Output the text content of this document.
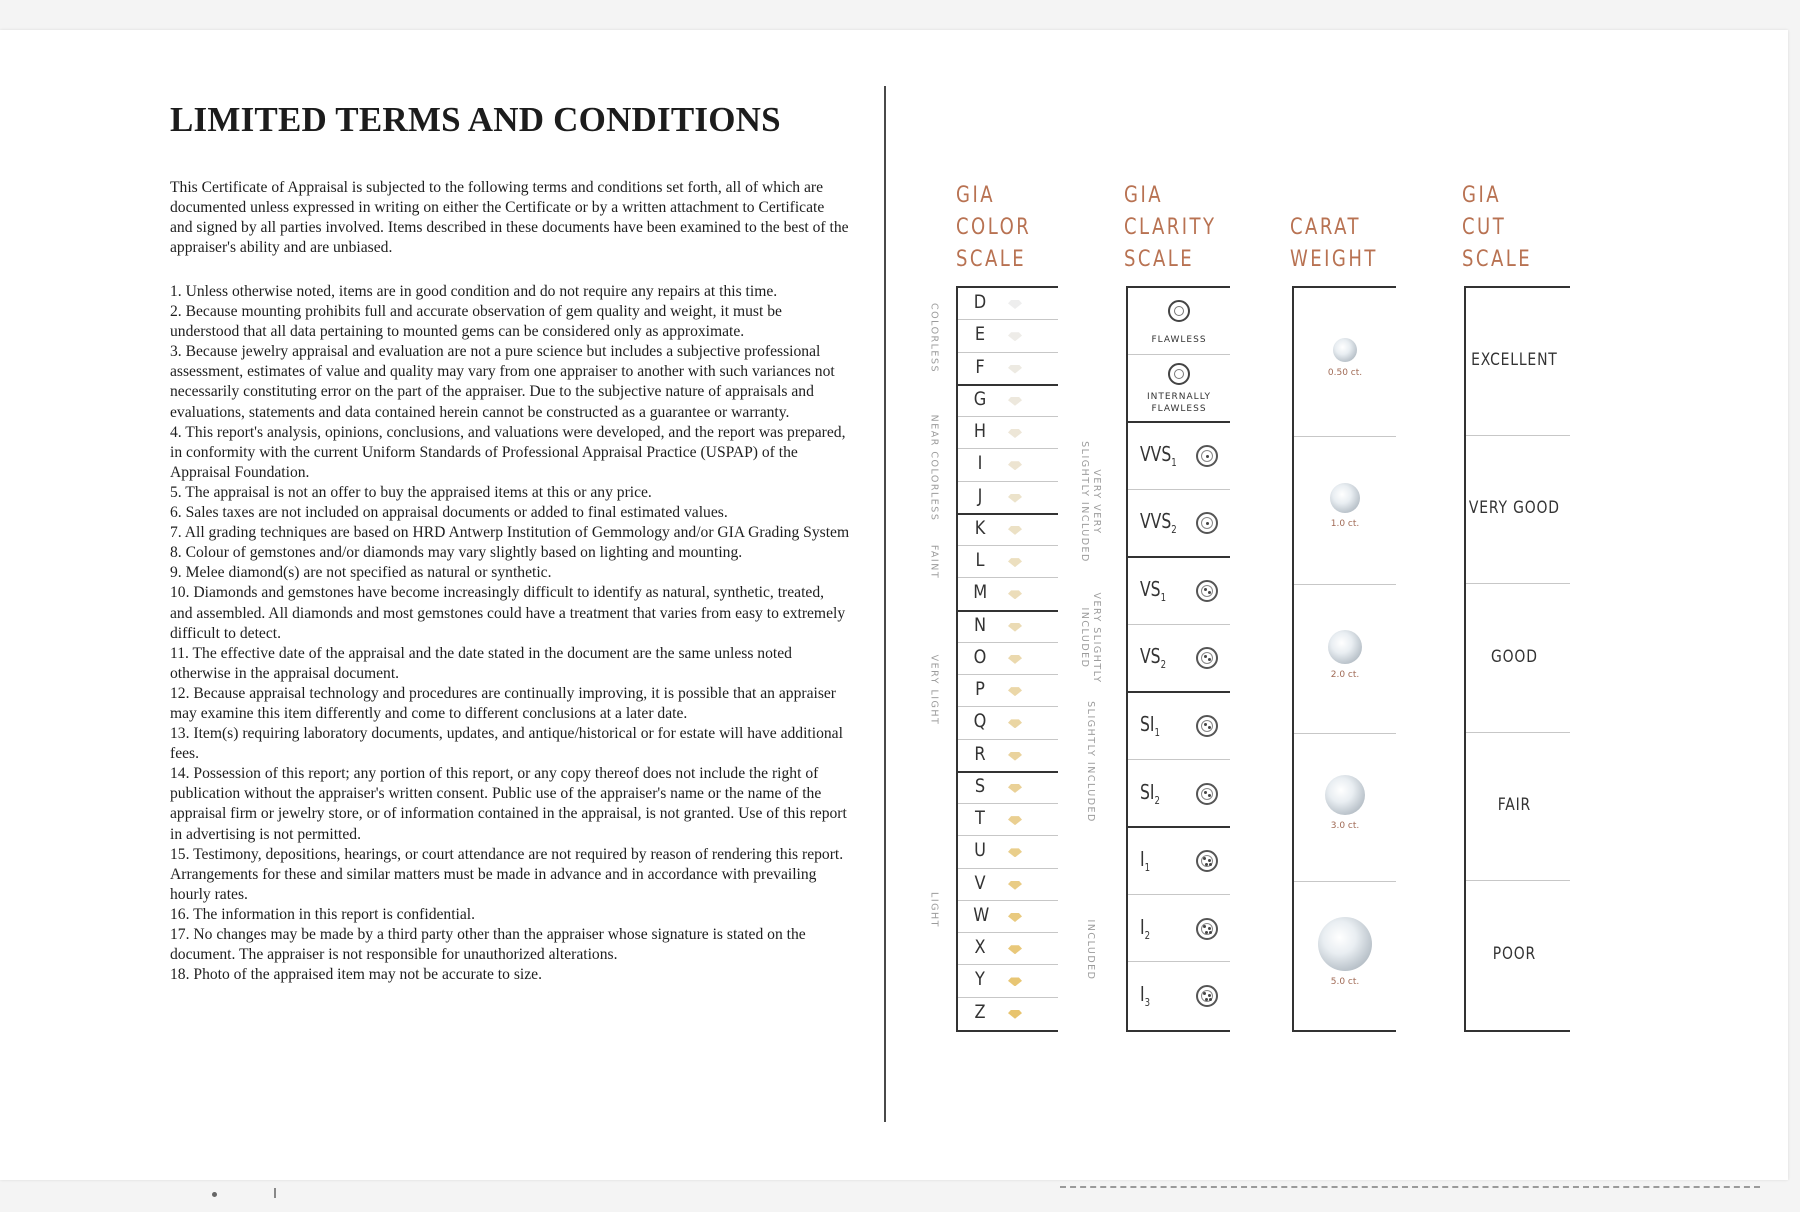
LIMITED TERMS AND CONDITIONS

This Certificate of Appraisal is subjected to the following terms and conditions set forth, all of which are documented unless expressed in writing on either the Certificate or by a written attachment to Certificate and signed by all parties involved. Items described in these documents have been examined to the best of the appraiser's ability and are unbiased.

1. Unless otherwise noted, items are in good condition and do not require any repairs at this time.
2. Because mounting prohibits full and accurate observation of gem quality and weight, it must be understood that all data pertaining to mounted gems can be considered only as approximate.
3. Because jewelry appraisal and evaluation are not a pure science but includes a subjective professional assessment, estimates of value and quality may vary from one appraiser to another with such variances not necessarily constituting error on the part of the appraiser. Due to the subjective nature of appraisals and evaluations, statements and data contained herein cannot be constructed as a guarantee or warranty.
4. This report's analysis, opinions, conclusions, and valuations were developed, and the report was prepared, in conformity with the current Uniform Standards of Professional Appraisal Practice (USPAP) of the Appraisal Foundation.
5. The appraisal is not an offer to buy the appraised items at this or any price.
6. Sales taxes are not included on appraisal documents or added to final estimated values.
7. All grading techniques are based on HRD Antwerp Institution of Gemmology and/or GIA Grading System
8. Colour of gemstones and/or diamonds may vary slightly based on lighting and mounting.
9. Melee diamond(s) are not specified as natural or synthetic.
10. Diamonds and gemstones have become increasingly difficult to identify as natural, synthetic, treated, and assembled. All diamonds and most gemstones could have a treatment that varies from easy to extremely difficult to detect.
11. The effective date of the appraisal and the date stated in the document are the same unless noted otherwise in the appraisal document.
12. Because appraisal technology and procedures are continually improving, it is possible that an appraiser may examine this item differently and come to different conclusions at a later date.
13. Item(s) requiring laboratory documents, updates, and antique/historical or for estate will have additional fees.
14. Possession of this report; any portion of this report, or any copy thereof does not include the right of publication without the appraiser's written consent. Public use of the appraiser's name or the name of the appraisal firm or jewelry store, or of information contained in the appraisal, is not granted. Use of this report in advertising is not permitted.
15. Testimony, depositions, hearings, or court attendance are not required by reason of rendering this report. Arrangements for these and similar matters must be made in advance and in accordance with prevailing hourly rates.
16. The information in this report is confidential.
17. No changes may be made by a third party other than the appraiser whose signature is stated on the document. The appraiser is not responsible for unauthorized alterations.
18. Photo of the appraised item may not be accurate to size.
GIA
COLOR
SCALE
GIA
CLARITY
SCALE
CARAT
WEIGHT
GIA
CUT
SCALE
D
E
F
G
H
I
J
K
L
M
N
O
P
Q
R
S
T
U
V
W
X
Y
Z
COLORLESS
NEAR COLORLESS
FAINT
VERY LIGHT
LIGHT
FLAWLESS
INTERNALLY
FLAWLESS
$VVS_1$
$VVS_2$
$VS_1$
$VS_2$
$SI_1$
$SI_2$
$I_1$
$I_2$
$I_3$
VERY VERY
SLIGHTLY INCLUDED
VERY SLIGHTLY
INCLUDED
SLIGHTLY INCLUDED
INCLUDED
0.50 ct.
1.0 ct.
2.0 ct.
3.0 ct.
5.0 ct.
EXCELLENT
VERY GOOD
GOOD
FAIR
POOR
